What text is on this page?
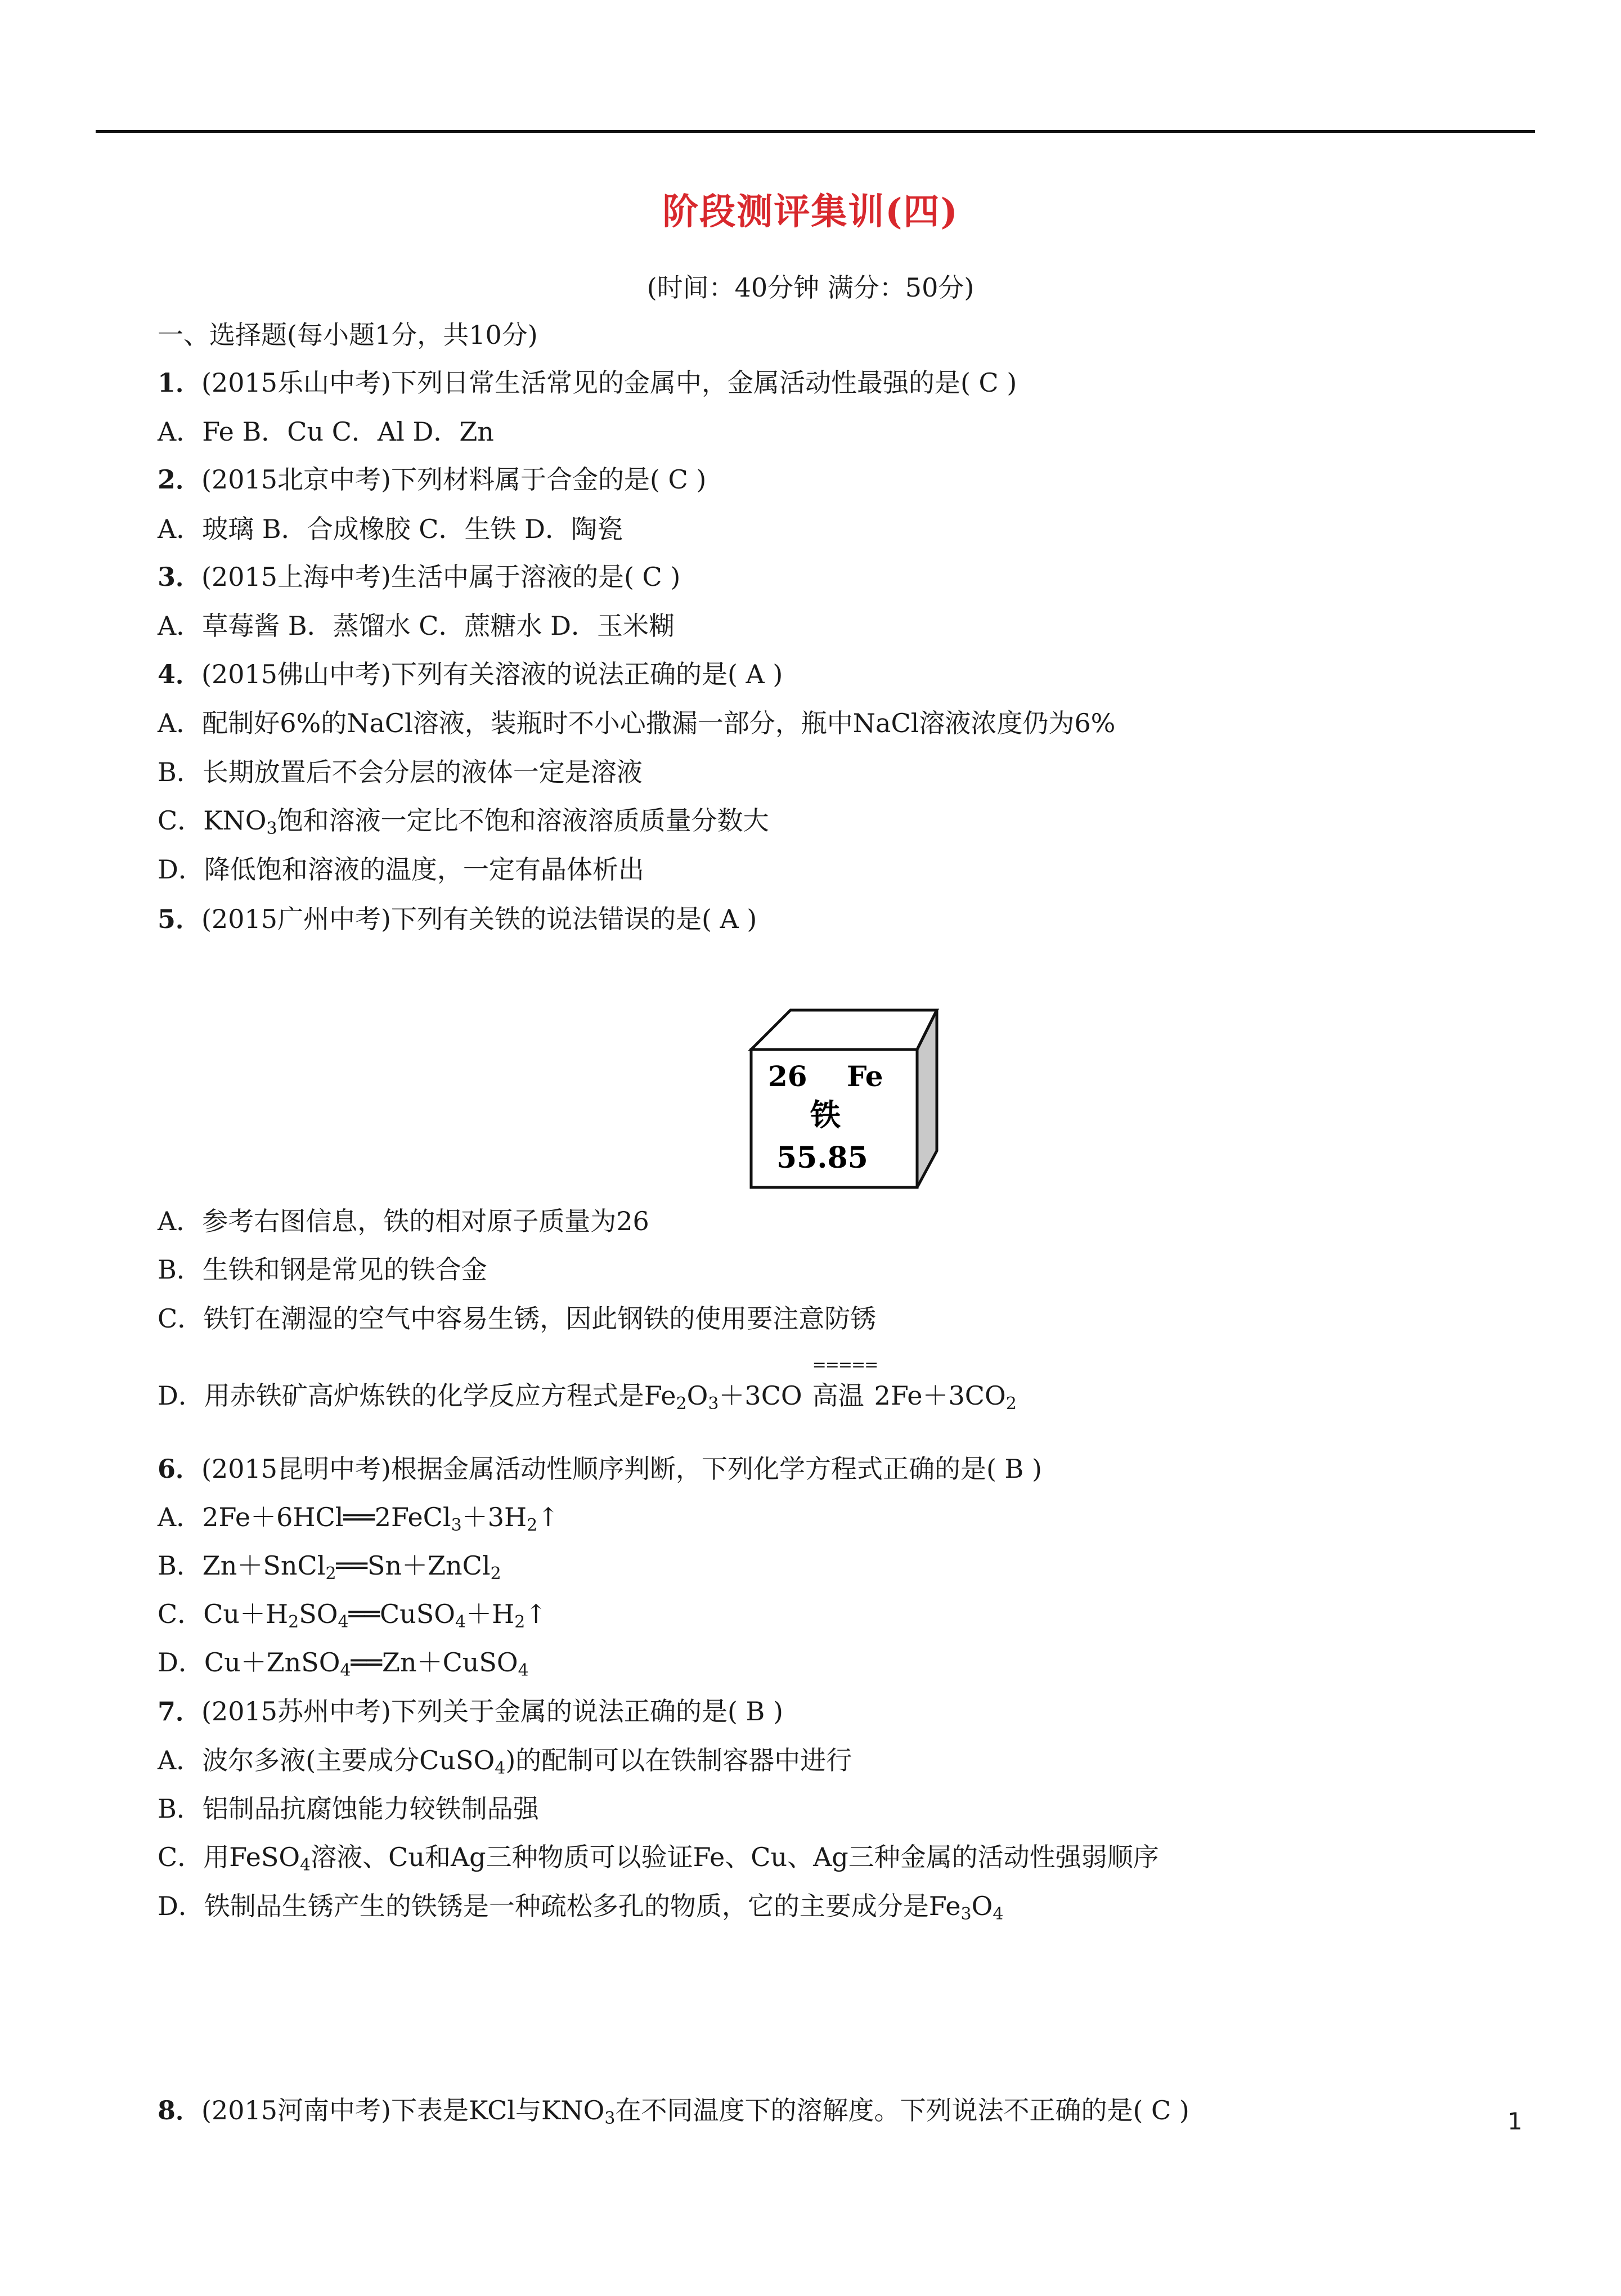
阶段测评集训(四)
(时间：40分钟 满分：50分)
一、选择题(每小题1分，共10分)
1．(2015乐山中考)下列日常生活常见的金属中，金属活动性最强的是( C )
A．Fe B．Cu C．Al D．Zn
2．(2015北京中考)下列材料属于合金的是( C )
A．玻璃 B．合成橡胶 C．生铁 D．陶瓷
3．(2015上海中考)生活中属于溶液的是( C )
A．草莓酱 B．蒸馏水 C．蔗糖水 D．玉米糊
4．(2015佛山中考)下列有关溶液的说法正确的是( A )
A．配制好6%的NaCl溶液，装瓶时不小心撒漏一部分，瓶中NaCl溶液浓度仍为6%
B．长期放置后不会分层的液体一定是溶液
C．$KNO_3$饱和溶液一定比不饱和溶液溶质质量分数大
D．降低饱和溶液的温度，一定有晶体析出
5．(2015广州中考)下列有关铁的说法错误的是( A )
26 Fe
铁
55.85
A．参考右图信息，铁的相对原子质量为26
B．生铁和钢是常见的铁合金
C．铁钉在潮湿的空气中容易生锈，因此钢铁的使用要注意防锈
D．用赤铁矿高炉炼铁的化学反应方程式是$Fe_2O_3+3CO$
=====
高温 $2Fe+3CO_2$
6．(2015昆明中考)根据金属活动性顺序判断，下列化学方程式正确的是( B )
A．$2Fe+6HCl══2FeCl_3+3H_2↑$
B．Zn＋SnCl$_2$══Sn＋ZnCl$_2$
C．$Cu+H_2SO_4══CuSO_4+H_2↑$
D．Cu＋ZnSO$_4$══Zn＋CuSO$_4$
7．(2015苏州中考)下列关于金属的说法正确的是( B )
A．波尔多液(主要成分CuSO$_4$)的配制可以在铁制容器中进行
B．铝制品抗腐蚀能力较铁制品强
C．用FeSO$_4$溶液、Cu和Ag三种物质可以验证Fe、Cu、Ag三种金属的活动性强弱顺序
D．铁制品生锈产生的铁锈是一种疏松多孔的物质，它的主要成分是$Fe_3O_4$
8．(2015河南中考)下表是KCl与$KNO_3$在不同温度下的溶解度。下列说法不正确的是( C )	1
